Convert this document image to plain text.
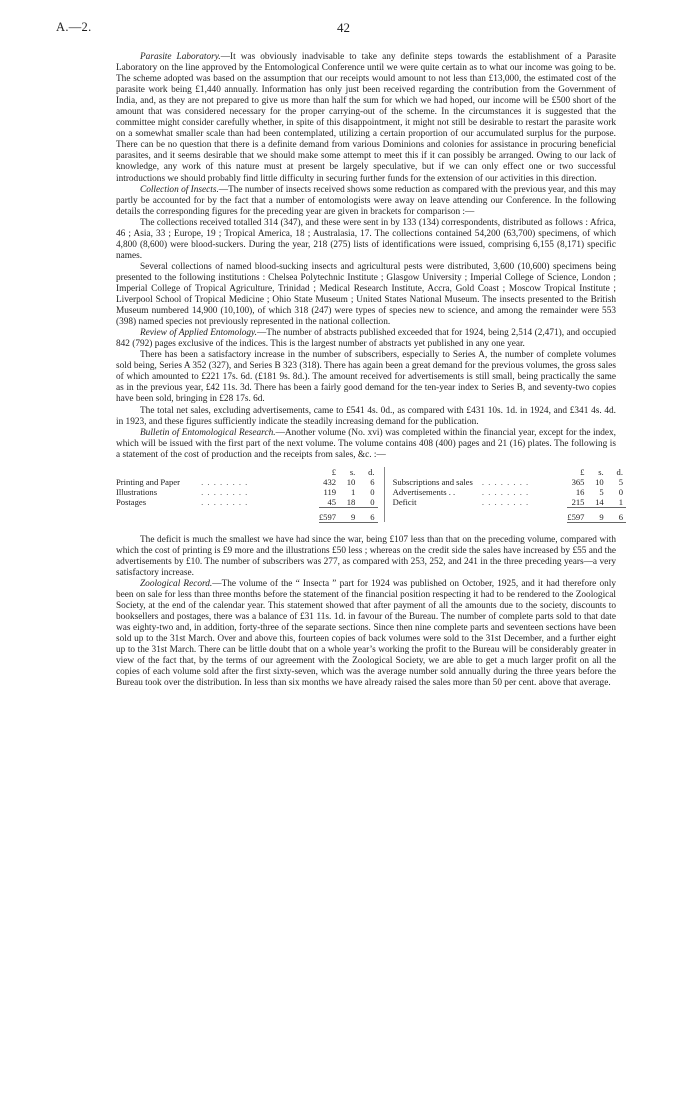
A.—2.	42

Parasite Laboratory.—It was obviously inadvisable to take any definite steps towards the establishment of a Parasite Laboratory on the line approved by the Entomological Conference until we were quite certain as to what our income was going to be. The scheme adopted was based on the assumption that our receipts would amount to not less than £13,000, the estimated cost of the parasite work being £1,440 annually. Information has only just been received regarding the contribution from the Government of India, and, as they are not prepared to give us more than half the sum for which we had hoped, our income will be £500 short of the amount that was considered necessary for the proper carrying-out of the scheme. In the circumstances it is suggested that the committee might consider carefully whether, in spite of this disappointment, it might not still be desirable to restart the parasite work on a somewhat smaller scale than had been contemplated, utilizing a certain proportion of our accumulated surplus for the purpose. There can be no question that there is a definite demand from various Dominions and colonies for assistance in procuring beneficial parasites, and it seems desirable that we should make some attempt to meet this if it can possibly be arranged. Owing to our lack of knowledge, any work of this nature must at present be largely speculative, but if we can only effect one or two successful introductions we should probably find little difficulty in securing further funds for the extension of our activities in this direction.

Collection of Insects.—The number of insects received shows some reduction as compared with the previous year, and this may partly be accounted for by the fact that a number of entomologists were away on leave attending our Conference. In the following details the corresponding figures for the preceding year are given in brackets for comparison :—

The collections received totalled 314 (347), and these were sent in by 133 (134) correspondents, distributed as follows : Africa, 46 ; Asia, 33 ; Europe, 19 ; Tropical America, 18 ; Australasia, 17. The collections contained 54,200 (63,700) specimens, of which 4,800 (8,600) were blood-suckers. During the year, 218 (275) lists of identifications were issued, comprising 6,155 (8,171) specific names.

Several collections of named blood-sucking insects and agricultural pests were distributed, 3,600 (10,600) specimens being presented to the following institutions : Chelsea Polytechnic Institute ; Glasgow University ; Imperial College of Science, London ; Imperial College of Tropical Agriculture, Trinidad ; Medical Research Institute, Accra, Gold Coast ; Moscow Tropical Institute ; Liverpool School of Tropical Medicine ; Ohio State Museum ; United States National Museum. The insects presented to the British Museum numbered 14,900 (10,100), of which 318 (247) were types of species new to science, and among the remainder were 553 (398) named species not previously represented in the national collection.

Review of Applied Entomology.—The number of abstracts published exceeded that for 1924, being 2,514 (2,471), and occupied 842 (792) pages exclusive of the indices. This is the largest number of abstracts yet published in any one year.

There has been a satisfactory increase in the number of subscribers, especially to Series A, the number of complete volumes sold being, Series A 352 (327), and Series B 323 (318). There has again been a great demand for the previous volumes, the gross sales of which amounted to £221 17s. 6d. (£181 9s. 8d.). The amount received for advertisements is still small, being practically the same as in the previous year, £42 11s. 3d. There has been a fairly good demand for the ten-year index to Series B, and seventy-two copies have been sold, bringing in £28 17s. 6d.

The total net sales, excluding advertisements, came to £541 4s. 0d., as compared with £431 10s. 1d. in 1924, and £341 4s. 4d. in 1923, and these figures sufficiently indicate the steadily increasing demand for the publication.

Bulletin of Entomological Research.—Another volume (No. xvi) was completed within the financial year, except for the index, which will be issued with the first part of the next volume. The volume contains 408 (400) pages and 21 (16) plates. The following is a statement of the cost of production and the receipts from sales, &c. :—

		£	s.	d.				£	s.	d.
Printing and Paper	. . . . . . . .	432	10	6		Subscriptions and sales	. . . . . . . .	365	10	5
Illustrations	. . . . . . . .	119	1	0		Advertisements . .	. . . . . . . .	16	5	0
Postages	. . . . . . . .	45	18	0		Deficit	. . . . . . . .	215	14	1
		£597	9	6				£597	9	6

The deficit is much the smallest we have had since the war, being £107 less than that on the preceding volume, compared with which the cost of printing is £9 more and the illustrations £50 less ; whereas on the credit side the sales have increased by £55 and the advertisements by £10. The number of subscribers was 277, as compared with 253, 252, and 241 in the three preceding years—a very satisfactory increase.

Zoological Record.—The volume of the “ Insecta ” part for 1924 was published on October, 1925, and it had therefore only been on sale for less than three months before the statement of the financial position respecting it had to be rendered to the Zoological Society, at the end of the calendar year. This statement showed that after payment of all the amounts due to the society, discounts to booksellers and postages, there was a balance of £31 11s. 1d. in favour of the Bureau. The number of complete parts sold to that date was eighty-two and, in addition, forty-three of the separate sections. Since then nine complete parts and seventeen sections have been sold up to the 31st March. Over and above this, fourteen copies of back volumes were sold to the 31st December, and a further eight up to the 31st March. There can be little doubt that on a whole year’s working the profit to the Bureau will be considerably greater in view of the fact that, by the terms of our agreement with the Zoological Society, we are able to get a much larger profit on all the copies of each volume sold after the first sixty-seven, which was the average number sold annually during the three years before the Bureau took over the distribution. In less than six months we have already raised the sales more than 50 per cent. above that average.
